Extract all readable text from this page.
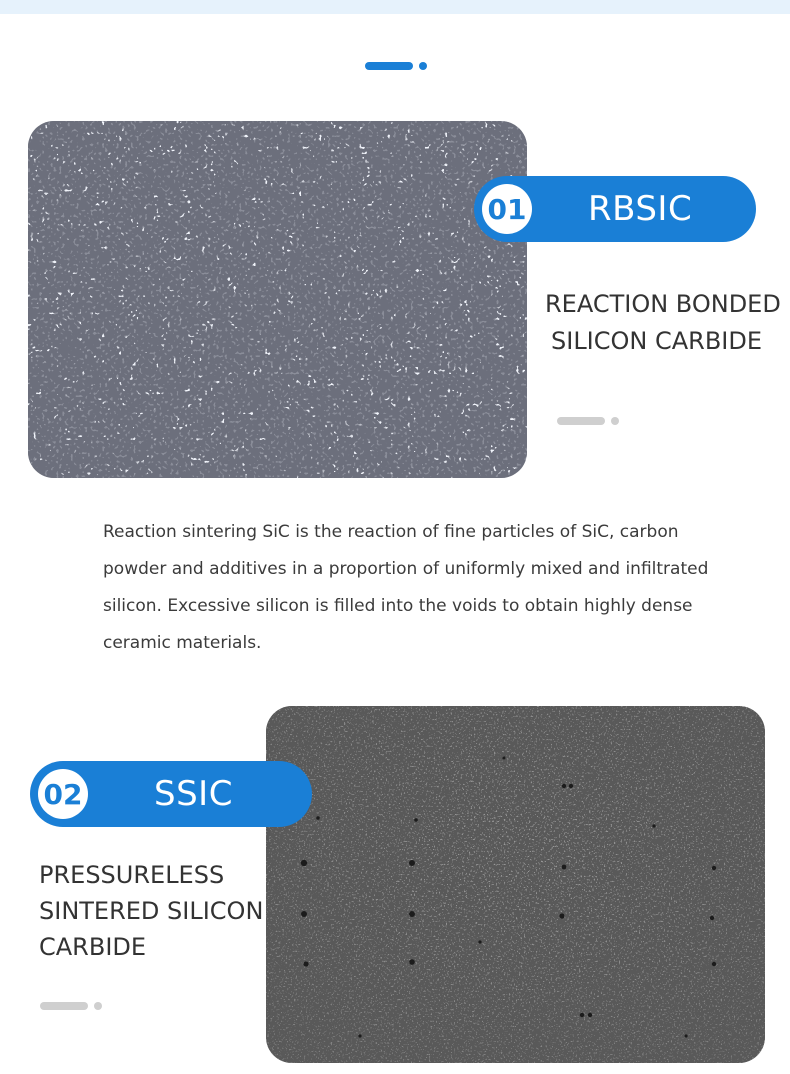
01 RBSIC
REACTION BONDED
SILICON CARBIDE

Reaction sintering SiC is the reaction of fine particles of SiC, carbon powder and additives in a proportion of uniformly mixed and infiltrated silicon. Excessive silicon is filled into the voids to obtain highly dense ceramic materials.

02 SSIC
PRESSURELESS
SINTERED SILICON
CARBIDE
